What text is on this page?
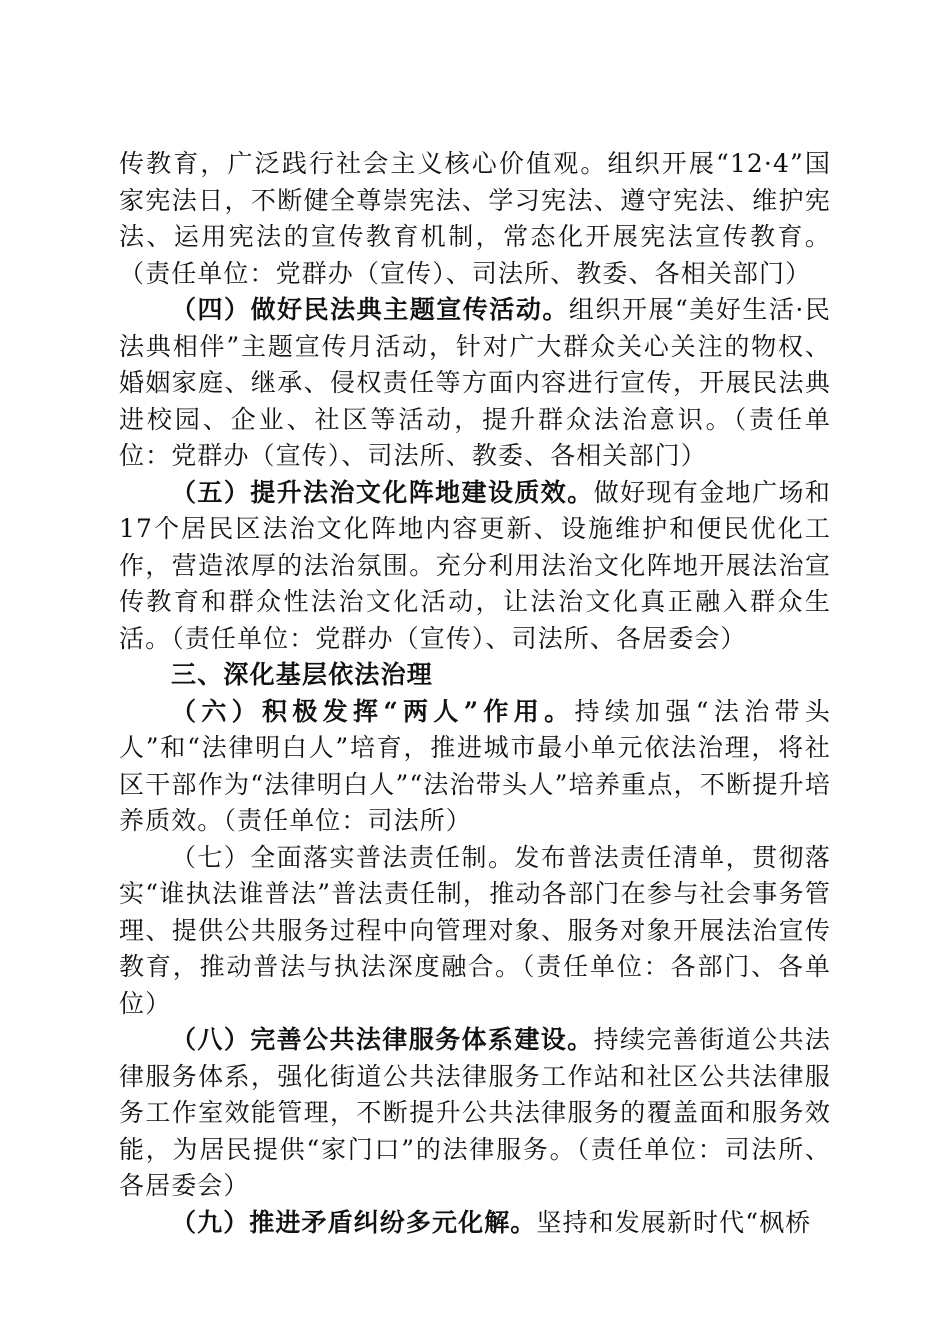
传教育，广泛践行社会主义核心价值观。组织开展“12·4”国家宪法日，不断健全尊崇宪法、学习宪法、遵守宪法、维护宪法、运用宪法的宣传教育机制，常态化开展宪法宣传教育。（责任单位：党群办（宣传）、司法所、教委、各相关部门）

（四）做好民法典主题宣传活动。组织开展“美好生活·民法典相伴”主题宣传月活动，针对广大群众关心关注的物权、婚姻家庭、继承、侵权责任等方面内容进行宣传，开展民法典进校园、企业、社区等活动，提升群众法治意识。（责任单位：党群办（宣传）、司法所、教委、各相关部门）

（五）提升法治文化阵地建设质效。做好现有金地广场和17个居民区法治文化阵地内容更新、设施维护和便民优化工作，营造浓厚的法治氛围。充分利用法治文化阵地开展法治宣传教育和群众性法治文化活动，让法治文化真正融入群众生活。（责任单位：党群办（宣传）、司法所、各居委会）

三、深化基层依法治理

（六）积极发挥“两人”作用。持续加强“法治带头人”和“法律明白人”培育，推进城市最小单元依法治理，将社区干部作为“法律明白人”“法治带头人”培养重点，不断提升培养质效。（责任单位：司法所）

（七）全面落实普法责任制。发布普法责任清单，贯彻落实“谁执法谁普法”普法责任制，推动各部门在参与社会事务管理、提供公共服务过程中向管理对象、服务对象开展法治宣传教育，推动普法与执法深度融合。（责任单位：各部门、各单位）

（八）完善公共法律服务体系建设。持续完善街道公共法律服务体系，强化街道公共法律服务工作站和社区公共法律服务工作室效能管理，不断提升公共法律服务的覆盖面和服务效能，为居民提供“家门口”的法律服务。（责任单位：司法所、各居委会）

（九）推进矛盾纠纷多元化解。坚持和发展新时代“枫桥
